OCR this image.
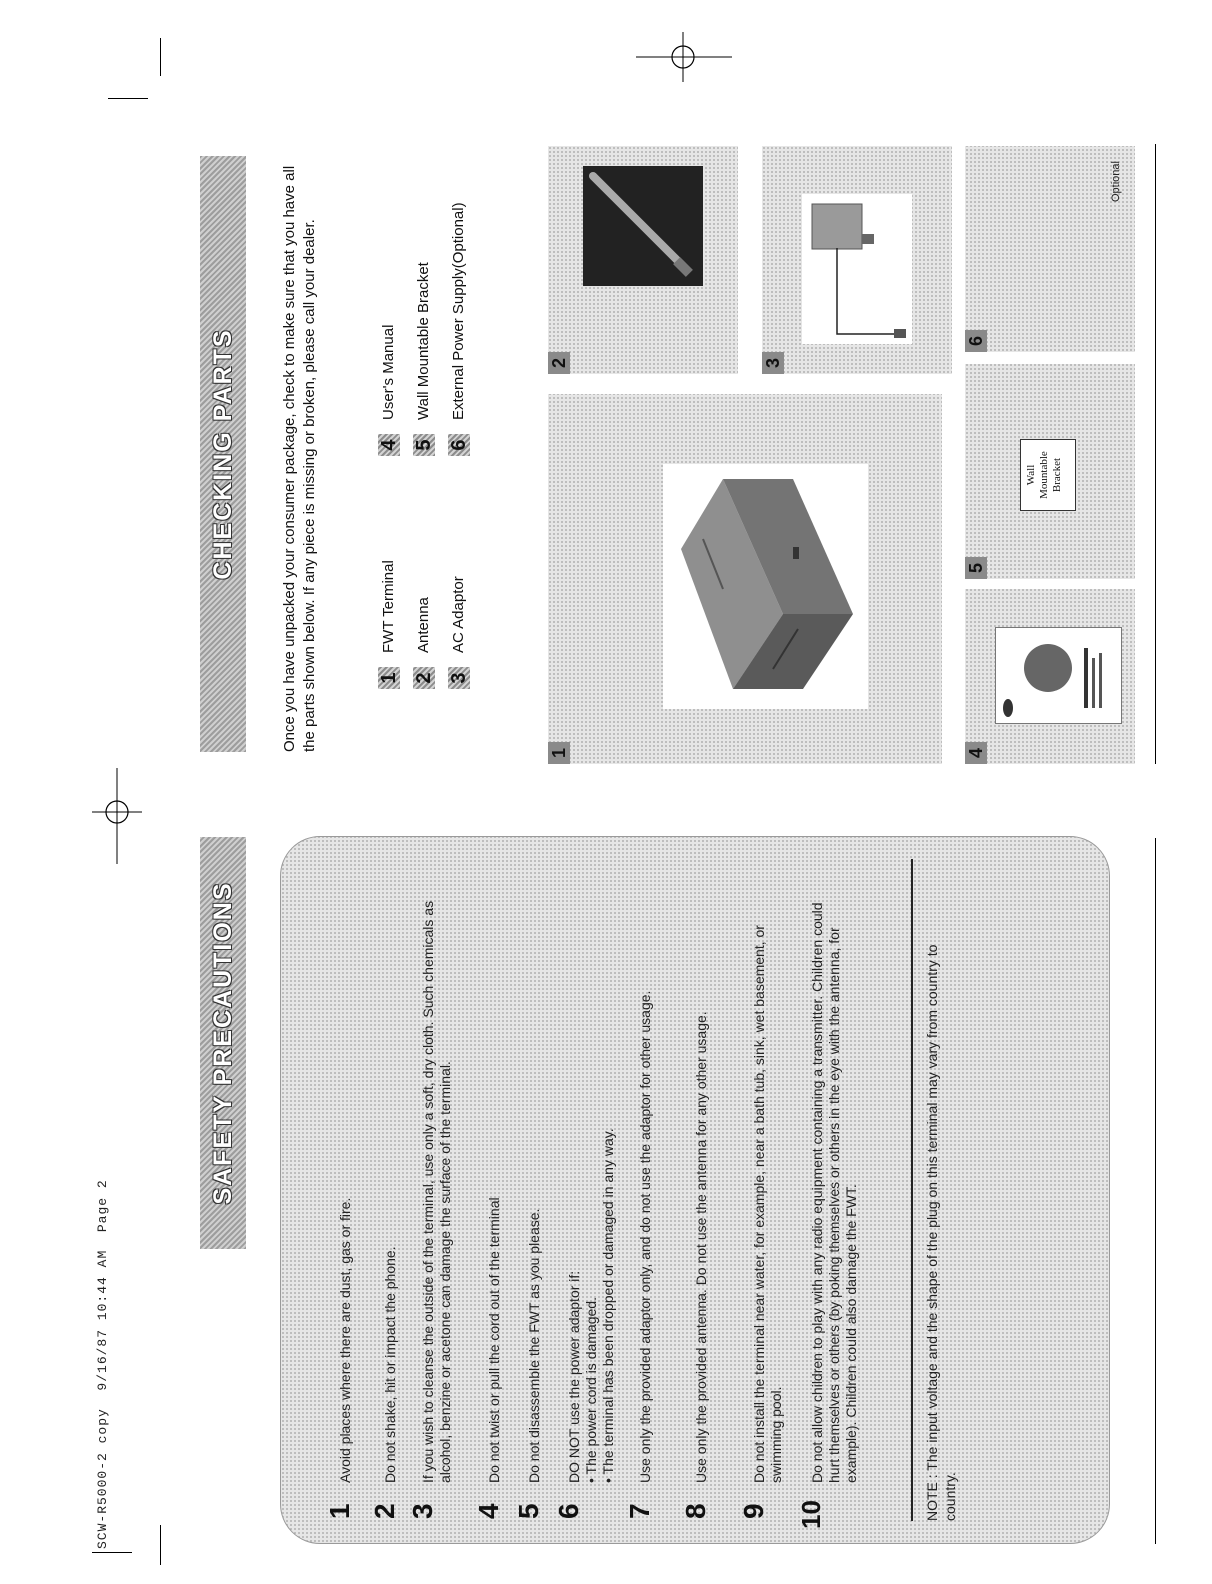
SCW-R5000-2 copy  9/16/87 10:44 AM  Page 2
SAFETY PRECAUTIONS
1
Avoid places where there are dust, gas or fire.
2
Do not shake, hit or impact the phone.
3
If you wish to cleanse the outside of the terminal, use only a soft, dry cloth. Such chemicals as alcohol, benzine or acetone can damage the surface of the terminal.
4
Do not twist or pull the cord out of the terminal
5
Do not disassemble the FWT as you please.
6
DO NOT use the power adaptor if: • The power cord is damaged. • The terminal has been dropped or damaged in any way.
7
Use only the provided adaptor only, and do not use the adaptor for other usage.
8
Use only the provided antenna. Do not use the antenna for any other usage.
9
Do not install the terminal near water, for example, near a bath tub, sink, wet basement, or swimming pool.
10
Do not allow children to play with any radio equipment containing a transmitter. Children could hurt themselves or others (by poking themselves or others in the eye with the antenna, for example). Children could also damage the FWT.	NOTE : The input voltage and the shape of the plug on this terminal may vary from country to country.
CHECKING PARTS	Once you have unpacked your consumer package, check to make sure that you have all the parts shown below. If any piece is missing or broken, please call your dealer.	1FWT Terminal
2Antenna
3AC Adaptor
4User's Manual
5Wall Mountable Bracket
6External Power Supply(Optional)
1
2	3
4
5
Wall Mountable Bracket
6
Optional
